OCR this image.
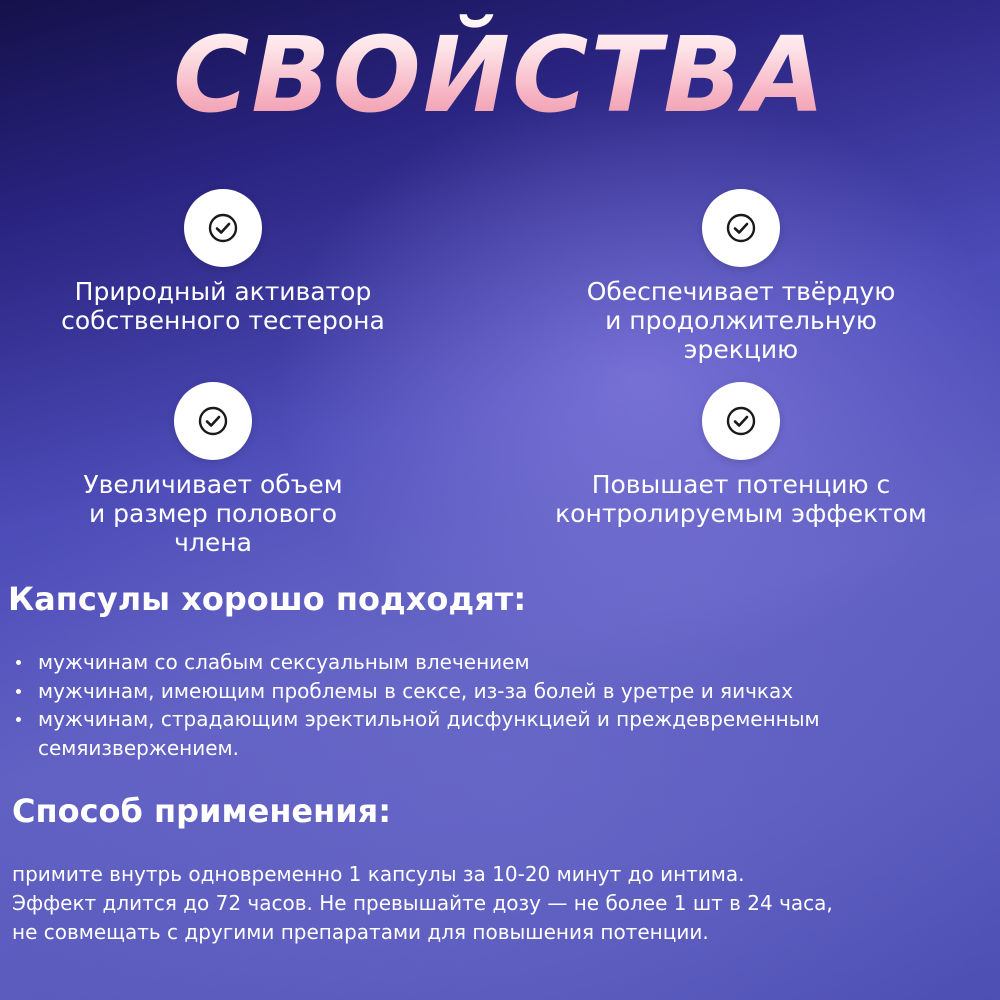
СВОЙСТВА
Природный активатор
собственного тестерона
Обеспечивает твёрдую
и продолжительную
эрекцию
Увеличивает объем
и размер полового
члена
Повышает потенцию с
контролируемым эффектом
Капсулы хорошо подходят:
мужчинам со слабым сексуальным влечением
мужчинам, имеющим проблемы в сексе, из-за болей в уретре и яичках
мужчинам, страдающим эректильной дисфункцией и преждевременным семяизвержением.
Способ применения:
примите внутрь одновременно 1 капсулы за 10-20 минут до интима.
Эффект длится до 72 часов. Не превышайте дозу — не более 1 шт в 24 часа,
не совмещать с другими препаратами для повышения потенции.
